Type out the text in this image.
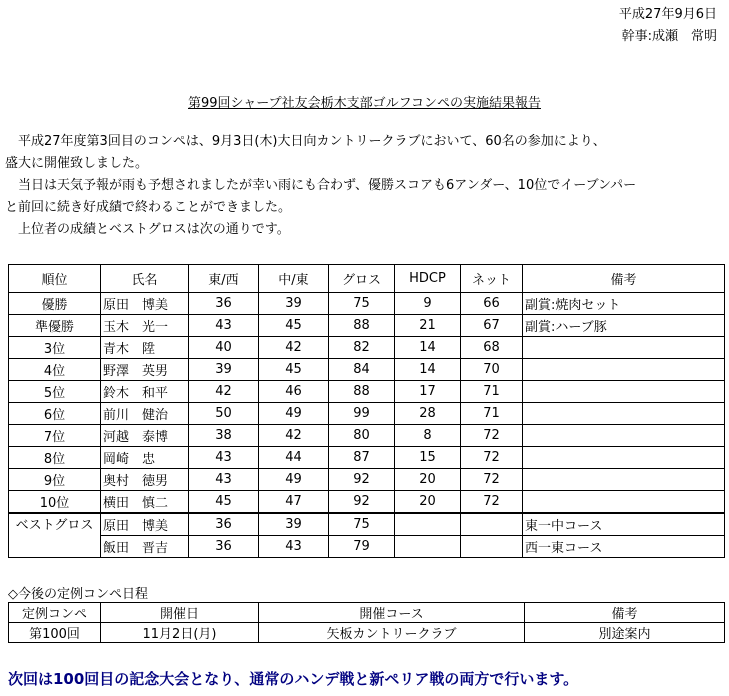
平成27年9月6日
幹事:成瀬　常明
第99回シャープ社友会栃木支部ゴルフコンペの実施結果報告

　平成27年度第3回目のコンペは、9月3日(木)大日向カントリークラブにおいて、60名の参加により、

盛大に開催致しました。

　当日は天気予報が雨も予想されましたが幸い雨にも合わず、優勝スコアも6アンダー、10位でイーブンパー

と前回に続き好成績で終わることができました。

　上位者の成績とベストグロスは次の通りです。

順位	氏名	東/西	中/東	グロス	HDCP	ネット	備考
優勝	原田　博美	36	39	75	9	66	副賞:焼肉セット
準優勝	玉木　光一	43	45	88	21	67	副賞:ハーブ豚
3位	青木　陞	40	42	82	14	68	
4位	野澤　英男	39	45	84	14	70	
5位	鈴木　和平	42	46	88	17	71	
6位	前川　健治	50	49	99	28	71	
7位	河越　泰博	38	42	80	8	72	
8位	岡崎　忠	43	44	87	15	72	
9位	奥村　徳男	43	49	92	20	72	
10位	横田　慎二	45	47	92	20	72	
ベストグロス	原田　博美	36	39	75			東一中コース
	飯田　晋吉	36	43	79			西一東コース
◇今後の定例コンペ日程
定例コンペ	開催日	開催コース	備考
第100回	11月2日(月)	矢板カントリークラブ	別途案内
次回は100回目の記念大会となり、通常のハンデ戦と新ペリア戦の両方で行います。
